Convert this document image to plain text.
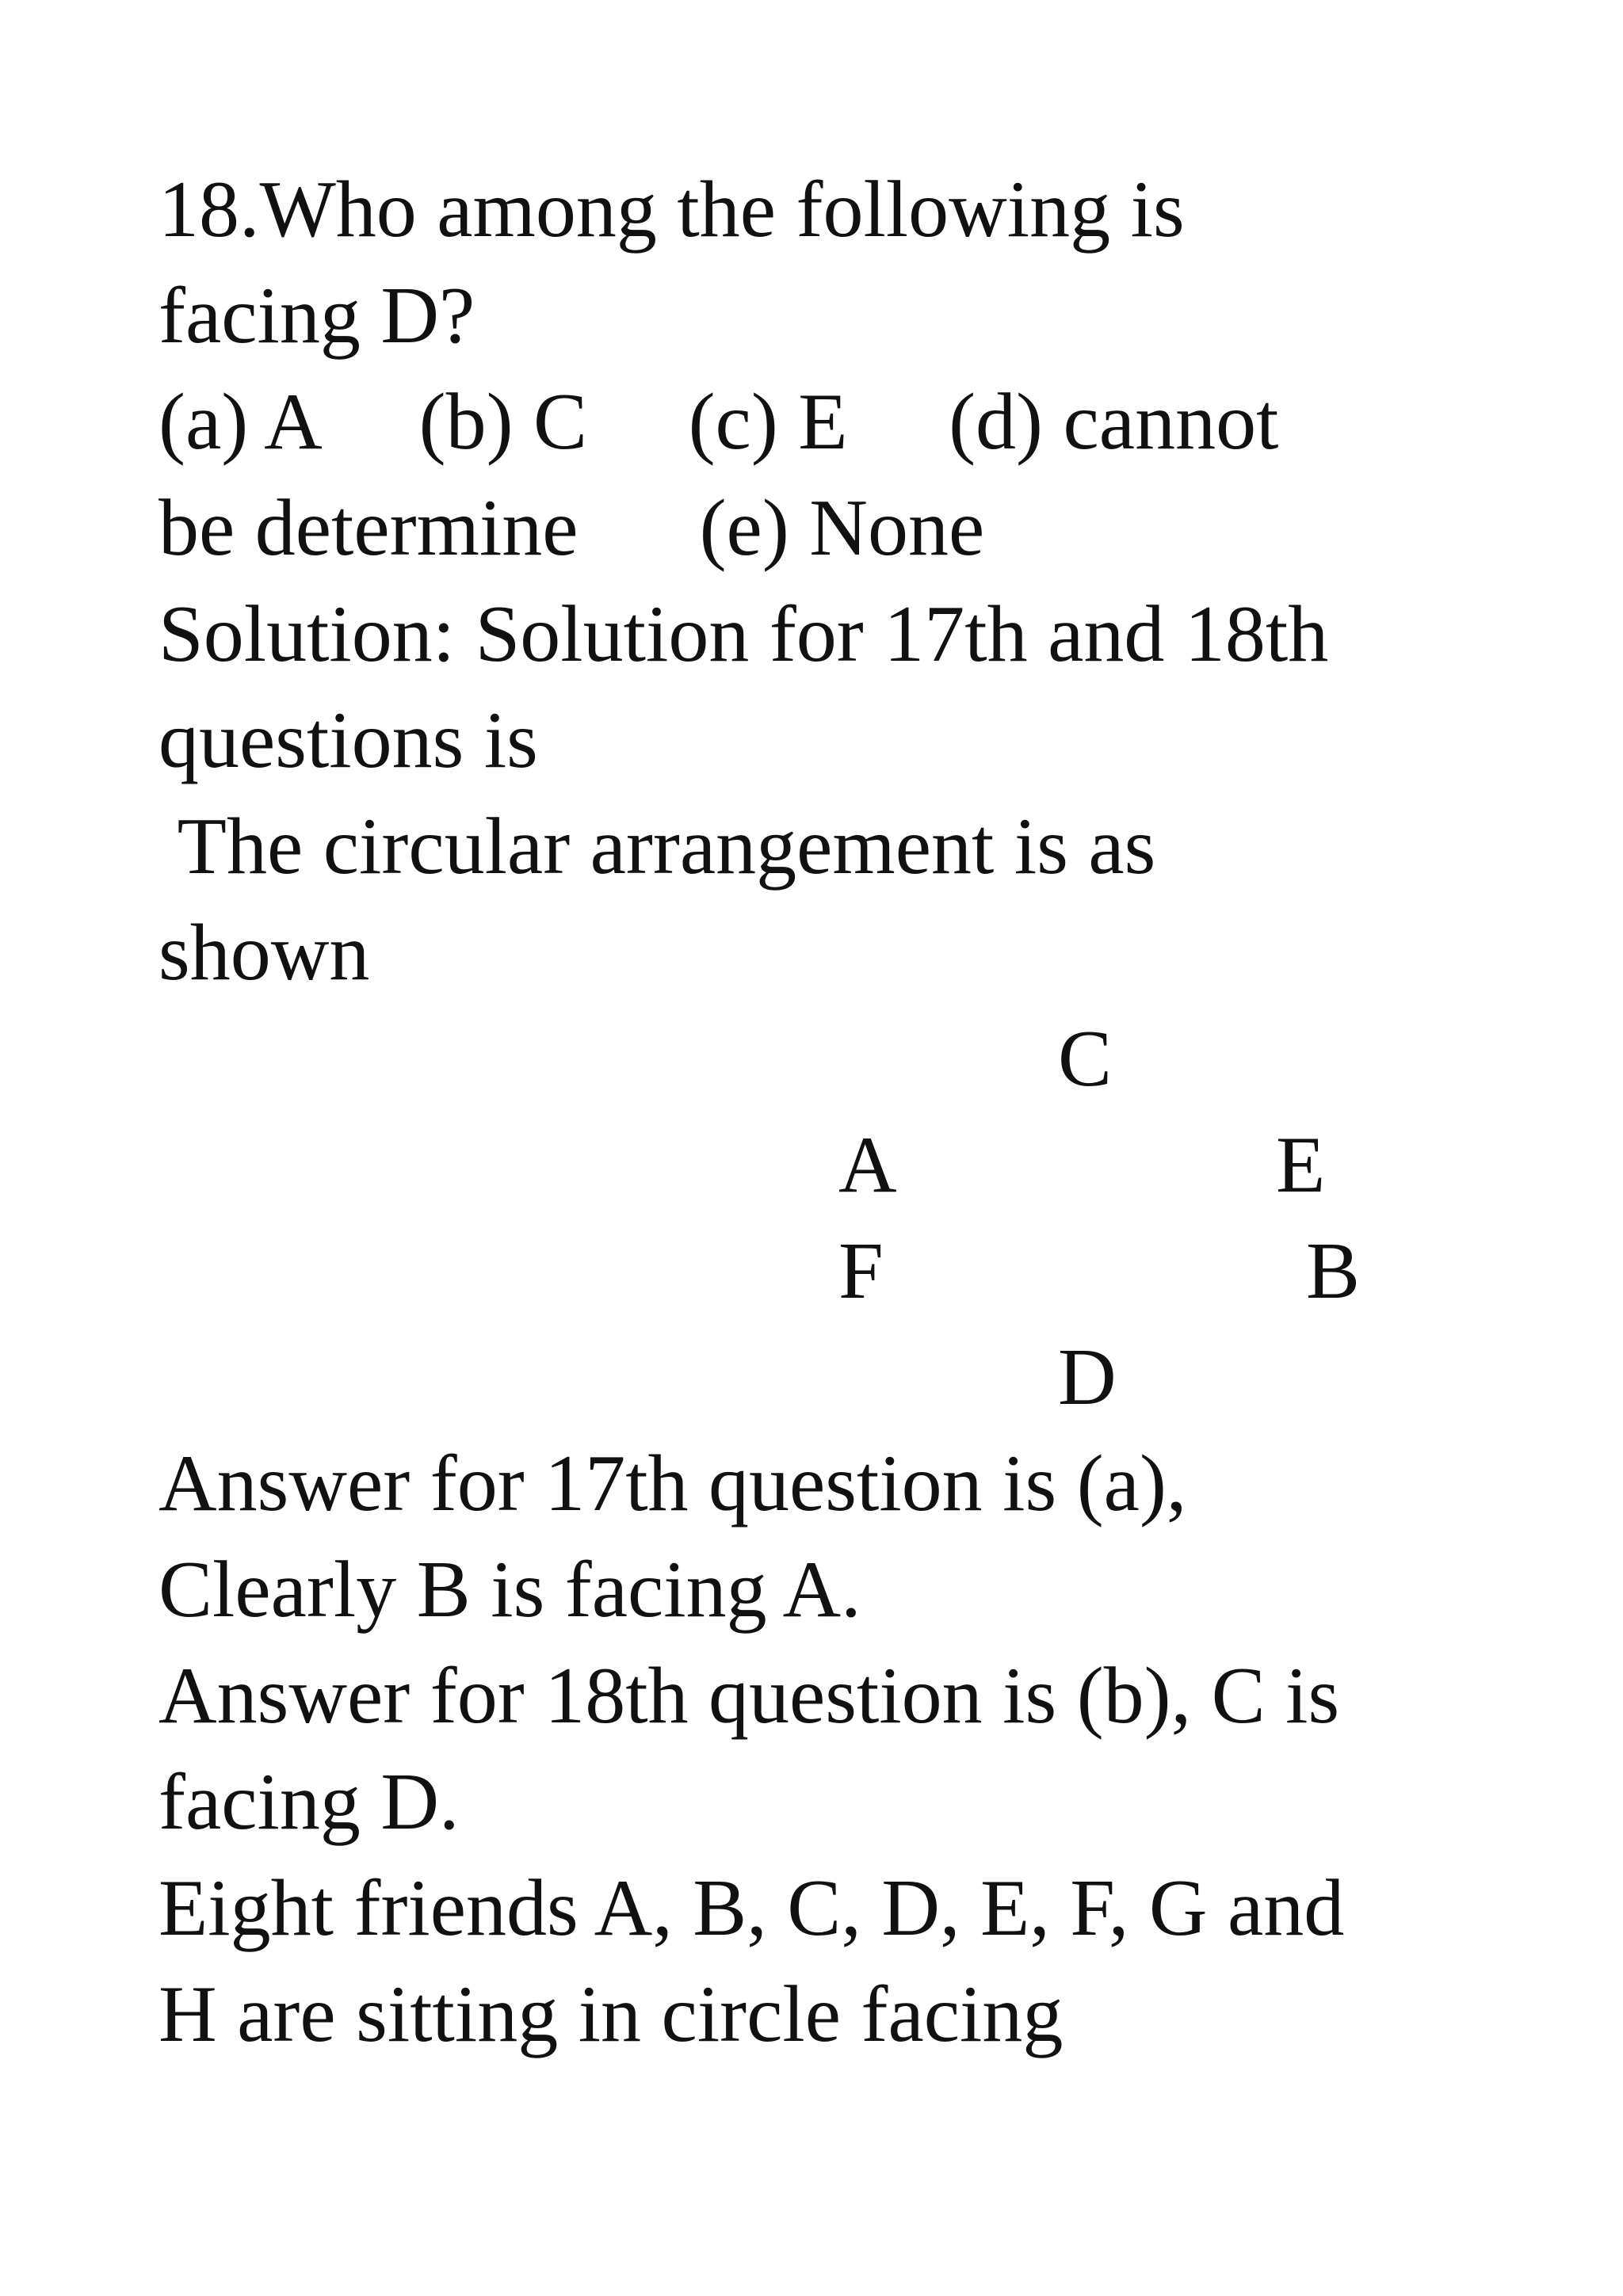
18.Who among the following is
facing D?
(a) A     (b) C     (c) E     (d) cannot
be determine      (e) None
Solution: Solution for 17th and 18th
questions is
The circular arrangement is as
shown
C
A	E
F	B
D
Answer for 17th question is (a),
Clearly B is facing A.
Answer for 18th question is (b), C is
facing D.
Eight friends A, B, C, D, E, F, G and
H are sitting in circle facing
